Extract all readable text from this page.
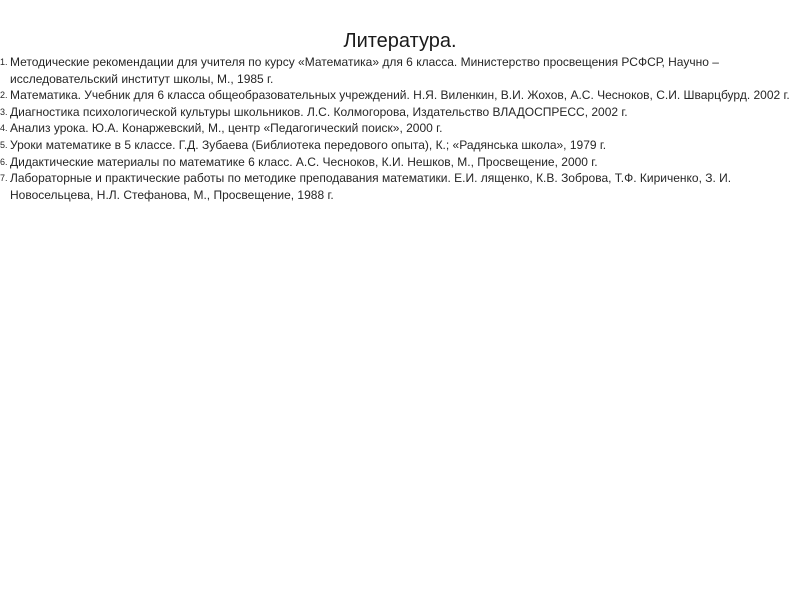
Литература.
1. Методические рекомендации для учителя по курсу «Математика» для 6 класса. Министерство просвещения РСФСР, Научно – исследовательский институт школы, М., 1985 г.
2. Математика. Учебник для 6 класса общеобразовательных учреждений. Н.Я. Виленкин, В.И. Жохов, А.С. Чесноков, С.И. Шварцбурд. 2002 г.
3. Диагностика психологической культуры школьников. Л.С. Колмогорова, Издательство ВЛАДОСПРЕСС, 2002 г.
4. Анализ урока. Ю.А. Конаржевский, М., центр «Педагогический поиск», 2000 г.
5. Уроки математике в 5 классе. Г.Д. Зубаева (Библиотека передового опыта), К.; «Радянська школа», 1979 г.
6. Дидактические материалы по математике 6 класс. А.С. Чесноков, К.И. Нешков, М., Просвещение, 2000 г.
7. Лабораторные и практические работы по методике преподавания математики. Е.И. лященко, К.В. Зоброва, Т.Ф. Кириченко, З. И. Новосельцева, Н.Л. Стефанова, М., Просвещение, 1988 г.
